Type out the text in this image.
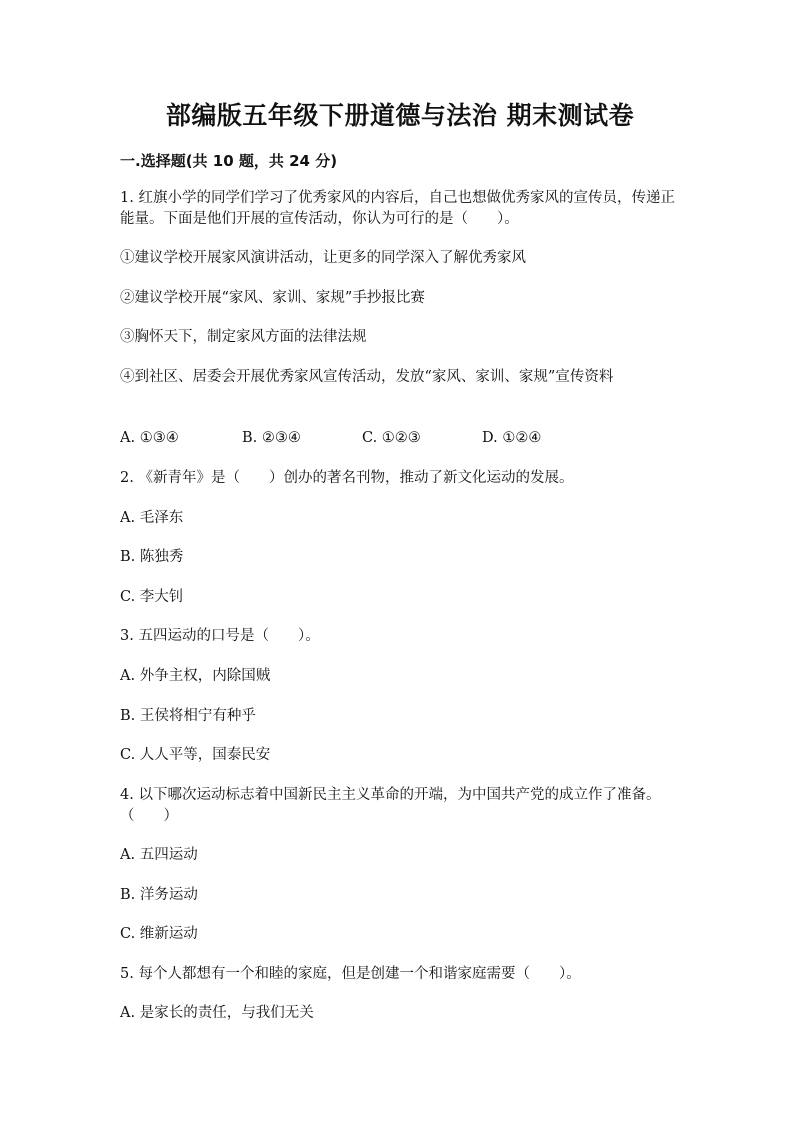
部编版五年级下册道德与法治 期末测试卷
一.选择题(共 10 题，共 24 分)
1. 红旗小学的同学们学习了优秀家风的内容后，自己也想做优秀家风的宣传员，传递正能量。下面是他们开展的宣传活动，你认为可行的是（　　）。
①建议学校开展家风演讲活动，让更多的同学深入了解优秀家风
②建议学校开展“家风、家训、家规”手抄报比赛
③胸怀天下，制定家风方面的法律法规
④到社区、居委会开展优秀家风宣传活动，发放“家风、家训、家规”宣传资料
A. ①③④	B. ②③④	C. ①②③	D. ①②④
2. 《新青年》是（　　）创办的著名刊物，推动了新文化运动的发展。
A. 毛泽东
B. 陈独秀
C. 李大钊
3. 五四运动的口号是（　　）。
A. 外争主权，内除国贼
B. 王侯将相宁有种乎
C. 人人平等，国泰民安
4. 以下哪次运动标志着中国新民主主义革命的开端，为中国共产党的成立作了准备。（　　）
A. 五四运动
B. 洋务运动
C. 维新运动
5. 每个人都想有一个和睦的家庭，但是创建一个和谐家庭需要（　　）。
A. 是家长的责任，与我们无关
